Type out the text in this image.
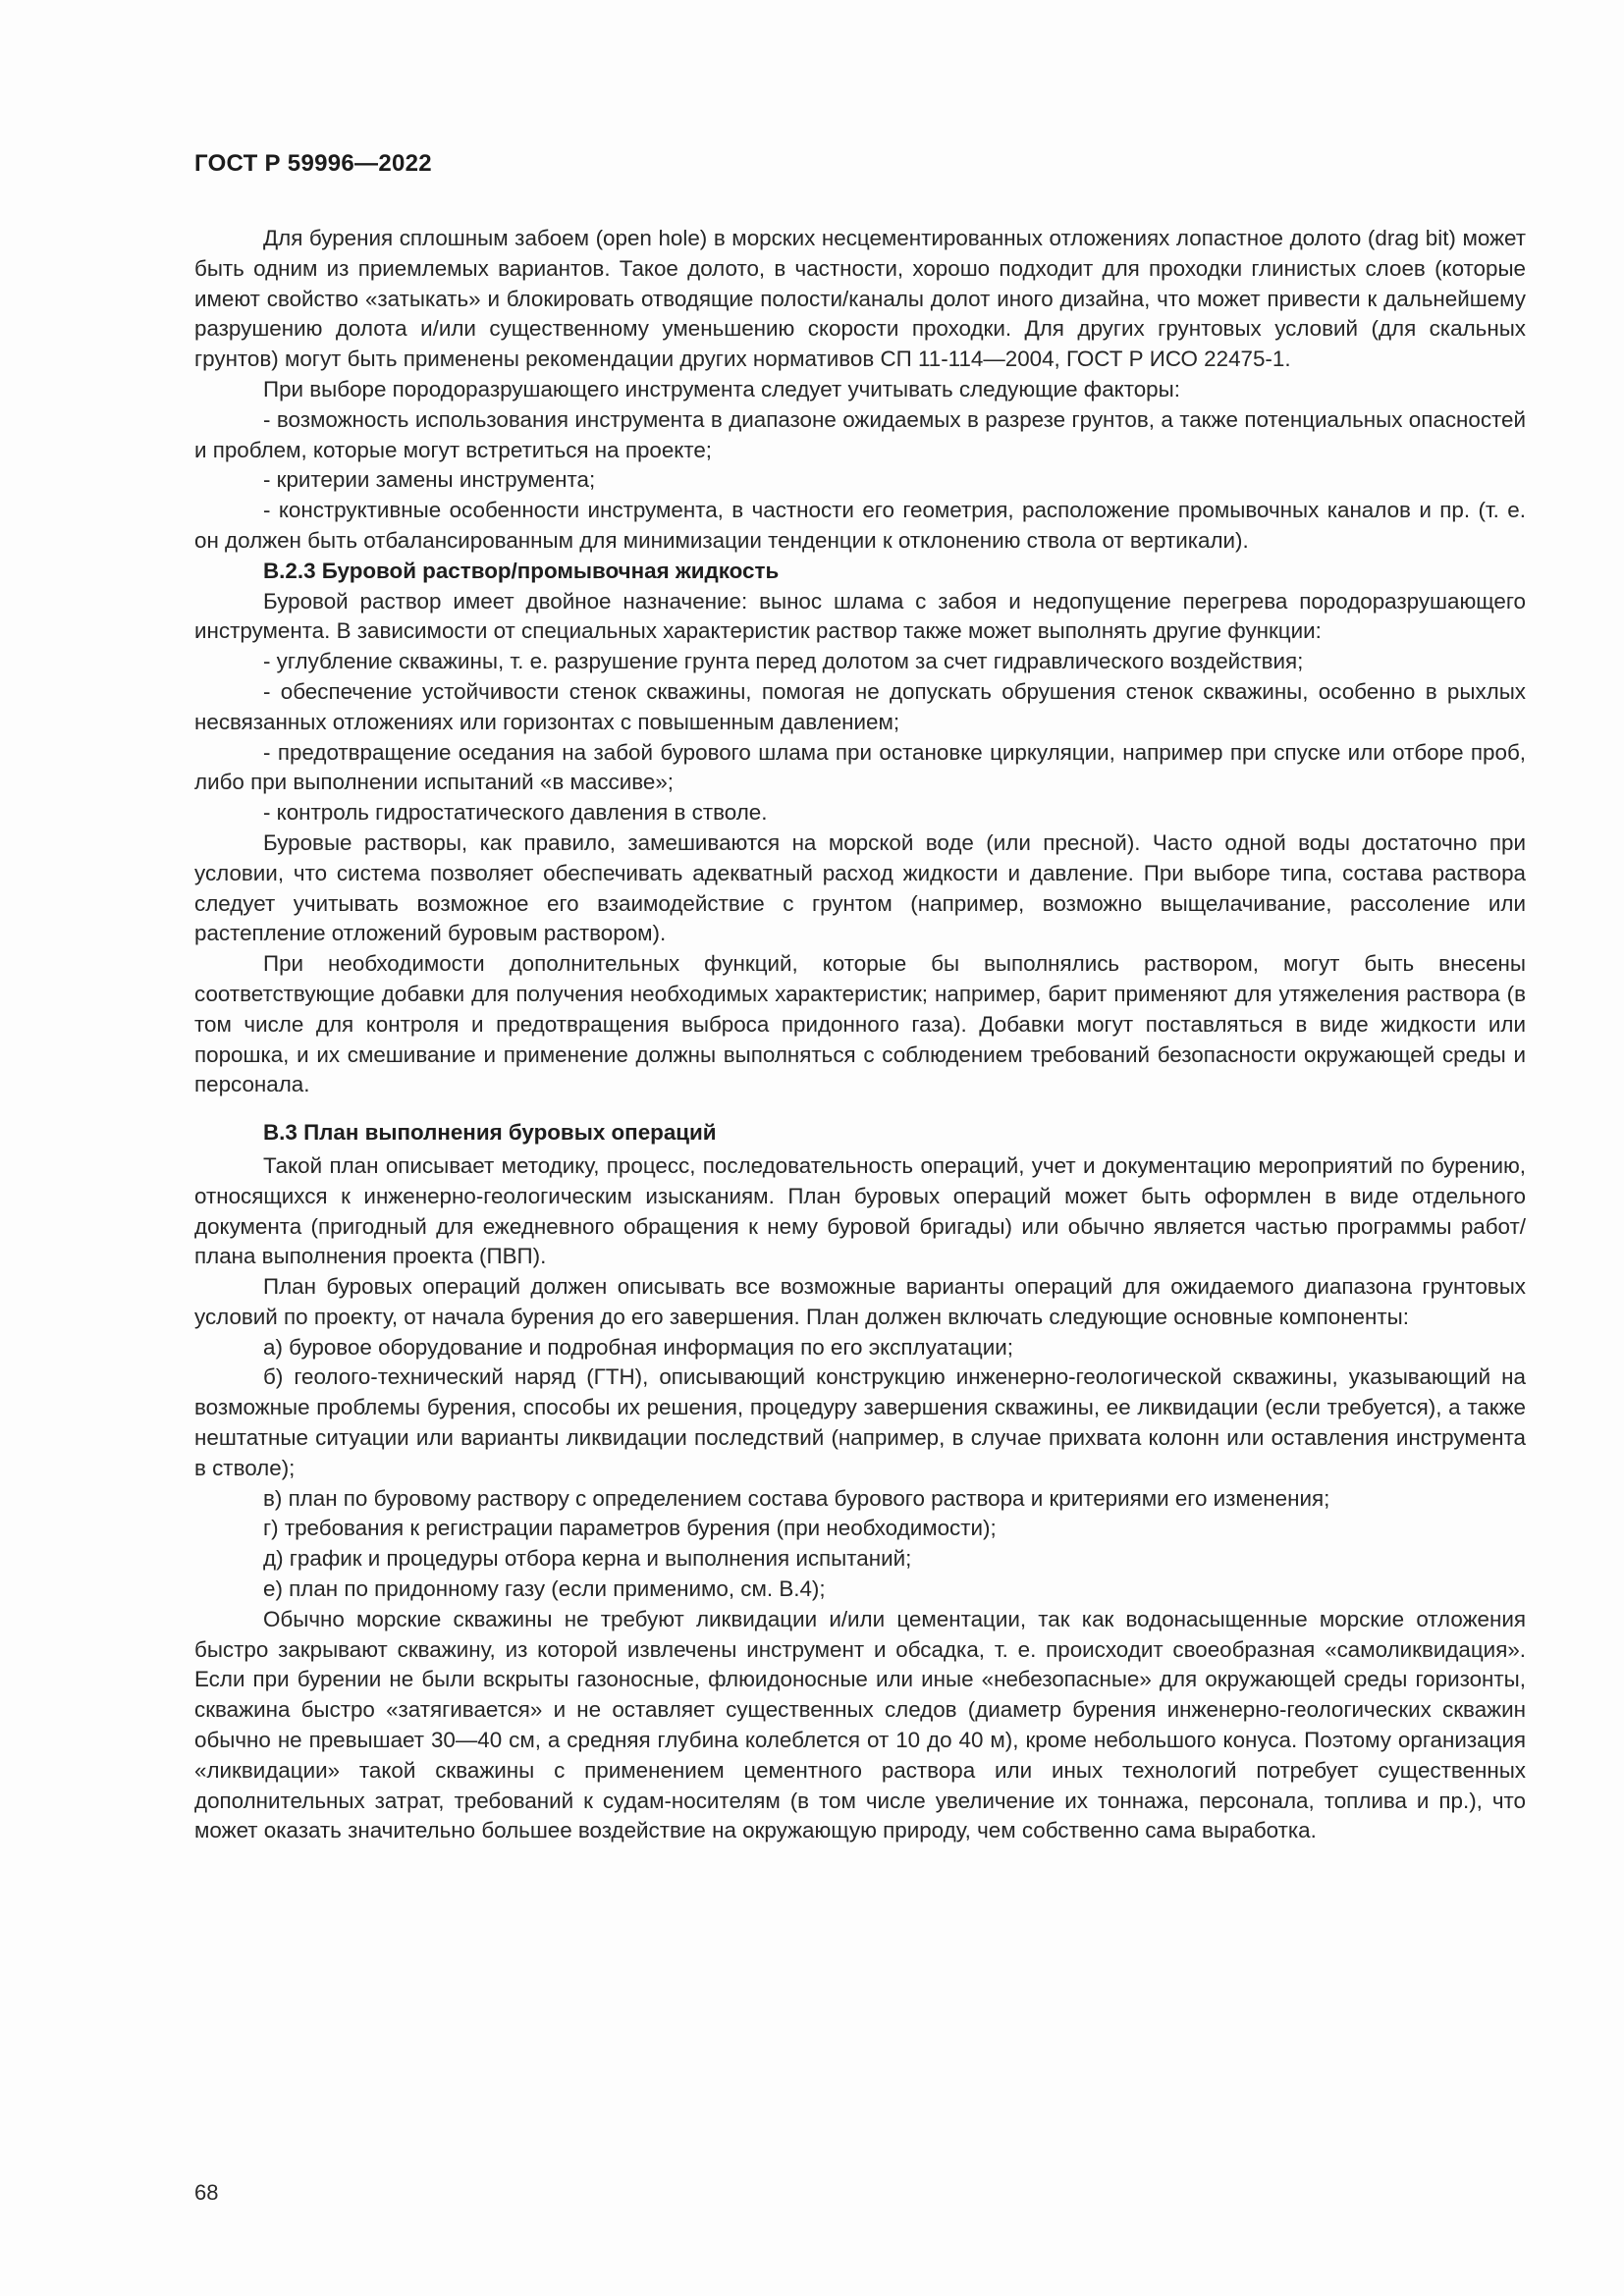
ГОСТ Р 59996—2022

Для бурения сплошным забоем (open hole) в морских несцементированных отложениях лопастное долото (drag bit) может быть одним из приемлемых вариантов. Такое долото, в частности, хорошо подходит для проходки глинистых слоев (которые имеют свойство «затыкать» и блокировать отводящие полости/каналы долот иного дизайна, что может привести к дальнейшему разрушению долота и/или существенному уменьшению скорости проходки. Для других грунтовых условий (для скальных грунтов) могут быть применены рекомендации других нормативов СП 11-114—2004, ГОСТ Р ИСО 22475-1.

При выборе породоразрушающего инструмента следует учитывать следующие факторы:

- возможность использования инструмента в диапазоне ожидаемых в разрезе грунтов, а также потенциальных опасностей и проблем, которые могут встретиться на проекте;

- критерии замены инструмента;

- конструктивные особенности инструмента, в частности его геометрия, расположение промывочных каналов и пр. (т. е. он должен быть отбалансированным для минимизации тенденции к отклонению ствола от вертикали).

В.2.3 Буровой раствор/промывочная жидкость

Буровой раствор имеет двойное назначение: вынос шлама с забоя и недопущение перегрева породоразрушающего инструмента. В зависимости от специальных характеристик раствор также может выполнять другие функции:

- углубление скважины, т. е. разрушение грунта перед долотом за счет гидравлического воздействия;

- обеспечение устойчивости стенок скважины, помогая не допускать обрушения стенок скважины, особенно в рыхлых несвязанных отложениях или горизонтах с повышенным давлением;

- предотвращение оседания на забой бурового шлама при остановке циркуляции, например при спуске или отборе проб, либо при выполнении испытаний «в массиве»;

- контроль гидростатического давления в стволе.

Буровые растворы, как правило, замешиваются на морской воде (или пресной). Часто одной воды достаточно при условии, что система позволяет обеспечивать адекватный расход жидкости и давление. При выборе типа, состава раствора следует учитывать возможное его взаимодействие с грунтом (например, возможно выщелачивание, рассоление или растепление отложений буровым раствором).

При необходимости дополнительных функций, которые бы выполнялись раствором, могут быть внесены соответствующие добавки для получения необходимых характеристик; например, барит применяют для утяжеления раствора (в том числе для контроля и предотвращения выброса придонного газа). Добавки могут поставляться в виде жидкости или порошка, и их смешивание и применение должны выполняться с соблюдением требований безопасности окружающей среды и персонала.

В.3 План выполнения буровых операций

Такой план описывает методику, процесс, последовательность операций, учет и документацию мероприятий по бурению, относящихся к инженерно-геологическим изысканиям. План буровых операций может быть оформлен в виде отдельного документа (пригодный для ежедневного обращения к нему буровой бригады) или обычно является частью программы работ/плана выполнения проекта (ПВП).

План буровых операций должен описывать все возможные варианты операций для ожидаемого диапазона грунтовых условий по проекту, от начала бурения до его завершения. План должен включать следующие основные компоненты:

а) буровое оборудование и подробная информация по его эксплуатации;

б) геолого-технический наряд (ГТН), описывающий конструкцию инженерно-геологической скважины, указывающий на возможные проблемы бурения, способы их решения, процедуру завершения скважины, ее ликвидации (если требуется), а также нештатные ситуации или варианты ликвидации последствий (например, в случае прихвата колонн или оставления инструмента в стволе);

в) план по буровому раствору с определением состава бурового раствора и критериями его изменения;

г) требования к регистрации параметров бурения (при необходимости);

д) график и процедуры отбора керна и выполнения испытаний;

е) план по придонному газу (если применимо, см. В.4);

Обычно морские скважины не требуют ликвидации и/или цементации, так как водонасыщенные морские отложения быстро закрывают скважину, из которой извлечены инструмент и обсадка, т. е. происходит своеобразная «самоликвидация». Если при бурении не были вскрыты газоносные, флюидоносные или иные «небезопасные» для окружающей среды горизонты, скважина быстро «затягивается» и не оставляет существенных следов (диаметр бурения инженерно-геологических скважин обычно не превышает 30—40 см, а средняя глубина колеблется от 10 до 40 м), кроме небольшого конуса. Поэтому организация «ликвидации» такой скважины с применением цементного раствора или иных технологий потребует существенных дополнительных затрат, требований к судам-носителям (в том числе увеличение их тоннажа, персонала, топлива и пр.), что может оказать значительно большее воздействие на окружающую природу, чем собственно сама выработка.

68
